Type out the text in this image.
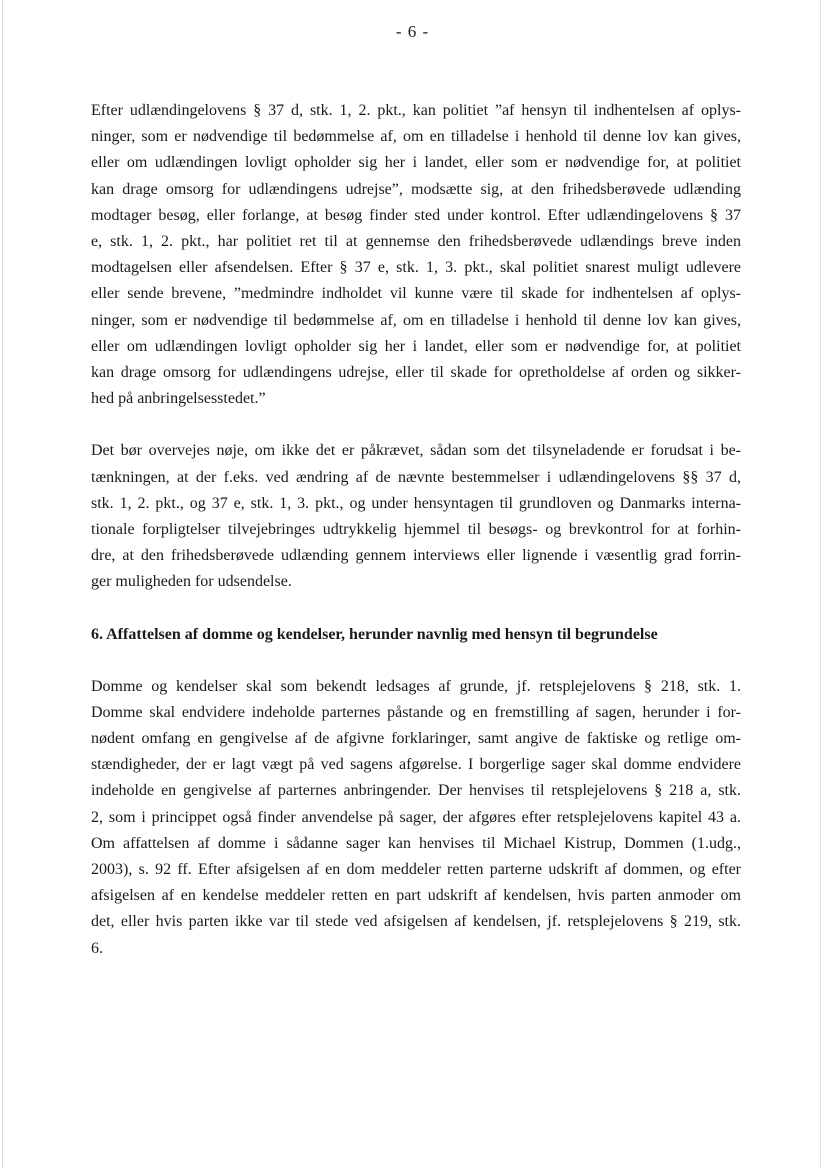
- 6 -

Efter udlændingelovens § 37 d, stk. 1, 2. pkt., kan politiet ”af hensyn til indhentelsen af oplys-
ninger, som er nødvendige til bedømmelse af, om en tilladelse i henhold til denne lov kan gives,
eller om udlændingen lovligt opholder sig her i landet, eller som er nødvendige for, at politiet
kan drage omsorg for udlændingens udrejse”, modsætte sig, at den frihedsberøvede udlænding
modtager besøg, eller forlange, at besøg finder sted under kontrol. Efter udlændingelovens § 37
e, stk. 1, 2. pkt., har politiet ret til at gennemse den frihedsberøvede udlændings breve inden
modtagelsen eller afsendelsen. Efter § 37 e, stk. 1, 3. pkt., skal politiet snarest muligt udlevere
eller sende brevene, ”medmindre indholdet vil kunne være til skade for indhentelsen af oplys-
ninger, som er nødvendige til bedømmelse af, om en tilladelse i henhold til denne lov kan gives,
eller om udlændingen lovligt opholder sig her i landet, eller som er nødvendige for, at politiet
kan drage omsorg for udlændingens udrejse, eller til skade for opretholdelse af orden og sikker-
hed på anbringelsesstedet.”

Det bør overvejes nøje, om ikke det er påkrævet, sådan som det tilsyneladende er forudsat i be-
tænkningen, at der f.eks. ved ændring af de nævnte bestemmelser i udlændingelovens §§ 37 d,
stk. 1, 2. pkt., og 37 e, stk. 1, 3. pkt., og under hensyntagen til grundloven og Danmarks interna-
tionale forpligtelser tilvejebringes udtrykkelig hjemmel til besøgs- og brevkontrol for at forhin-
dre, at den frihedsberøvede udlænding gennem interviews eller lignende i væsentlig grad forrin-
ger muligheden for udsendelse.

6. Affattelsen af domme og kendelser, herunder navnlig med hensyn til begrundelse

Domme og kendelser skal som bekendt ledsages af grunde, jf. retsplejelovens § 218, stk. 1.
Domme skal endvidere indeholde parternes påstande og en fremstilling af sagen, herunder i for-
nødent omfang en gengivelse af de afgivne forklaringer, samt angive de faktiske og retlige om-
stændigheder, der er lagt vægt på ved sagens afgørelse. I borgerlige sager skal domme endvidere
indeholde en gengivelse af parternes anbringender. Der henvises til retsplejelovens § 218 a, stk.
2, som i princippet også finder anvendelse på sager, der afgøres efter retsplejelovens kapitel 43 a.
Om affattelsen af domme i sådanne sager kan henvises til Michael Kistrup, Dommen (1.udg.,
2003), s. 92 ff. Efter afsigelsen af en dom meddeler retten parterne udskrift af dommen, og efter
afsigelsen af en kendelse meddeler retten en part udskrift af kendelsen, hvis parten anmoder om
det, eller hvis parten ikke var til stede ved afsigelsen af kendelsen, jf. retsplejelovens § 219, stk.
6.
